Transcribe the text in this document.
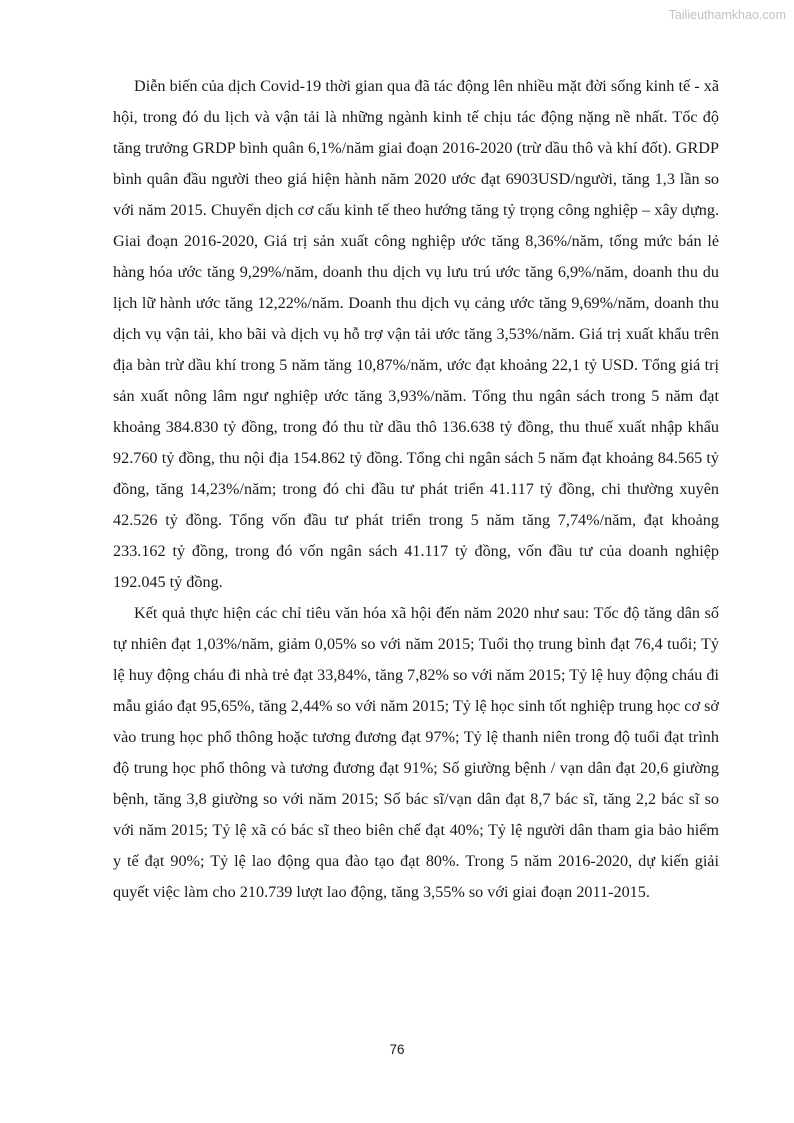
Tailieuthamkhao.com

Diễn biến của dịch Covid-19 thời gian qua đã tác động lên nhiều mặt đời sống kinh tế - xã hội, trong đó du lịch và vận tải là những ngành kinh tế chịu tác động nặng nề nhất. Tốc độ tăng trưởng GRDP bình quân 6,1%/năm giai đoạn 2016-2020 (trừ dầu thô và khí đốt). GRDP bình quân đầu người theo giá hiện hành năm 2020 ước đạt 6903USD/người, tăng 1,3 lần so với năm 2015. Chuyển dịch cơ cấu kinh tế theo hướng tăng tỷ trọng công nghiệp – xây dựng. Giai đoạn 2016-2020, Giá trị sản xuất công nghiệp ước tăng 8,36%/năm, tổng mức bán lẻ hàng hóa ước tăng 9,29%/năm, doanh thu dịch vụ lưu trú ước tăng 6,9%/năm, doanh thu du lịch lữ hành ước tăng 12,22%/năm. Doanh thu dịch vụ cảng ước tăng 9,69%/năm, doanh thu dịch vụ vận tải, kho bãi và dịch vụ hỗ trợ vận tải ước tăng 3,53%/năm. Giá trị xuất khẩu trên địa bàn trừ dầu khí trong 5 năm tăng 10,87%/năm, ước đạt khoảng 22,1 tỷ USD. Tổng giá trị sản xuất nông lâm ngư nghiệp ước tăng 3,93%/năm. Tổng thu ngân sách trong 5 năm đạt khoảng 384.830 tỷ đồng, trong đó thu từ dầu thô 136.638 tỷ đồng, thu thuế xuất nhập khẩu 92.760 tỷ đồng, thu nội địa 154.862 tỷ đồng. Tổng chi ngân sách 5 năm đạt khoảng 84.565 tỷ đồng, tăng 14,23%/năm; trong đó chi đầu tư phát triển 41.117 tỷ đồng, chi thường xuyên 42.526 tỷ đồng. Tổng vốn đầu tư phát triển trong 5 năm tăng 7,74%/năm, đạt khoảng 233.162 tỷ đồng, trong đó vốn ngân sách 41.117 tỷ đồng, vốn đầu tư của doanh nghiệp 192.045 tỷ đồng.

Kết quả thực hiện các chỉ tiêu văn hóa xã hội đến năm 2020 như sau: Tốc độ tăng dân số tự nhiên đạt 1,03%/năm, giảm 0,05% so với năm 2015; Tuổi thọ trung bình đạt 76,4 tuổi; Tỷ lệ huy động cháu đi nhà trẻ đạt 33,84%, tăng 7,82% so với năm 2015; Tỷ lệ huy động cháu đi mẫu giáo đạt 95,65%, tăng 2,44% so với năm 2015; Tỷ lệ học sinh tốt nghiệp trung học cơ sở vào trung học phổ thông hoặc tương đương đạt 97%; Tỷ lệ thanh niên trong độ tuổi đạt trình độ trung học phổ thông và tương đương đạt 91%; Số giường bệnh / vạn dân đạt 20,6 giường bệnh, tăng 3,8 giường so với năm 2015; Số bác sĩ/vạn dân đạt 8,7 bác sĩ, tăng 2,2 bác sĩ so với năm 2015; Tỷ lệ xã có bác sĩ theo biên chế đạt 40%; Tỷ lệ người dân tham gia bảo hiểm y tế đạt 90%; Tỷ lệ lao động qua đào tạo đạt 80%. Trong 5 năm 2016-2020, dự kiến giải quyết việc làm cho 210.739 lượt lao động, tăng 3,55% so với giai đoạn 2011-2015.

76
